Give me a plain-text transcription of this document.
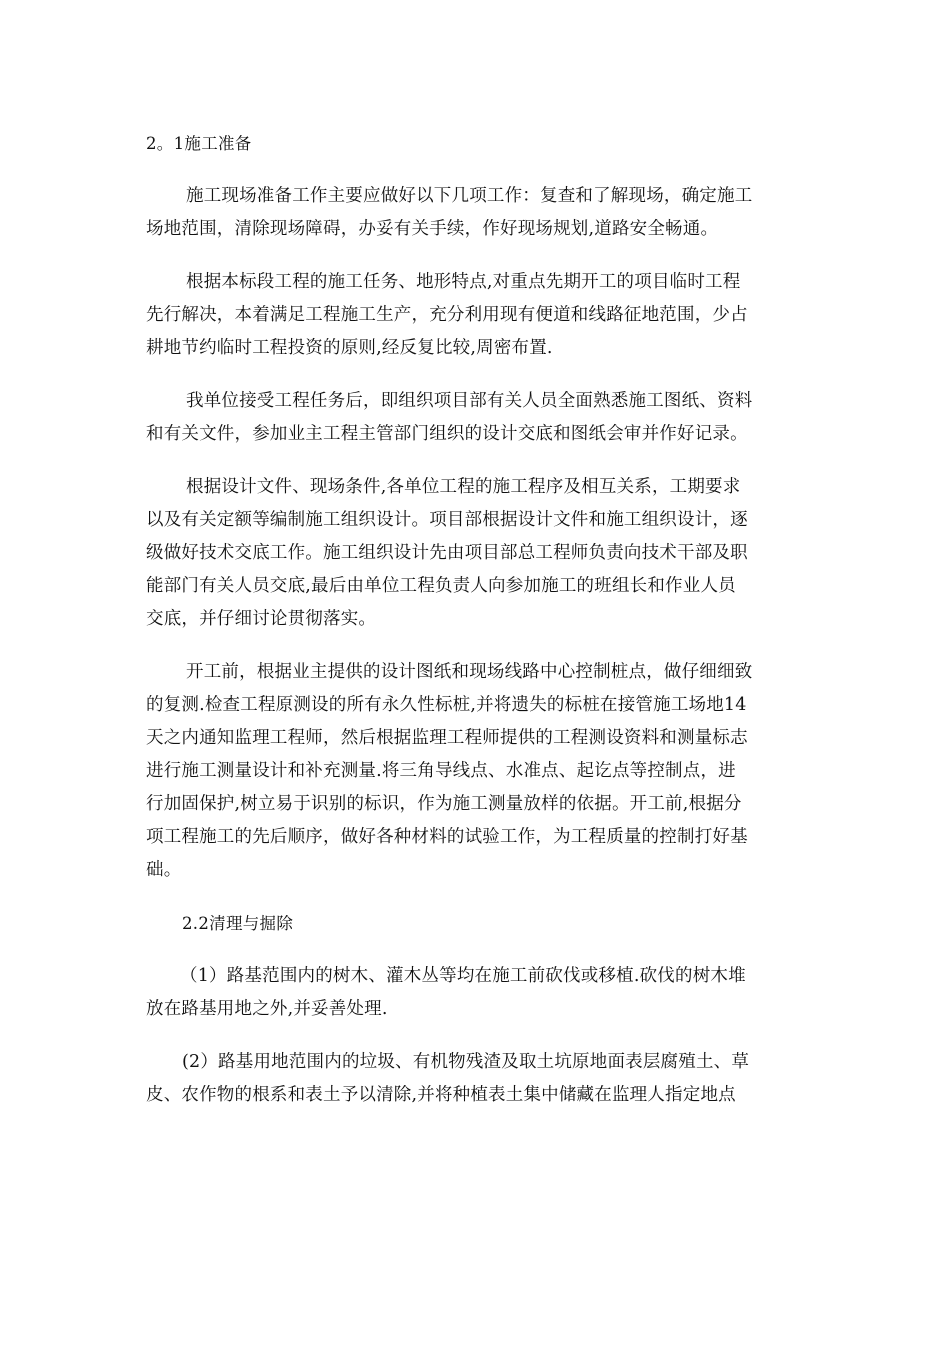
2。1施工准备
施工现场准备工作主要应做好以下几项工作：复查和了解现场，确定施工
场地范围，清除现场障碍，办妥有关手续，作好现场规划,道路安全畅通。
根据本标段工程的施工任务、地形特点,对重点先期开工的项目临时工程
先行解决，本着满足工程施工生产，充分利用现有便道和线路征地范围，少占
耕地节约临时工程投资的原则,经反复比较,周密布置.
我单位接受工程任务后，即组织项目部有关人员全面熟悉施工图纸、资料
和有关文件，参加业主工程主管部门组织的设计交底和图纸会审并作好记录。
根据设计文件、现场条件,各单位工程的施工程序及相互关系，工期要求
以及有关定额等编制施工组织设计。项目部根据设计文件和施工组织设计，逐
级做好技术交底工作。施工组织设计先由项目部总工程师负责向技术干部及职
能部门有关人员交底,最后由单位工程负责人向参加施工的班组长和作业人员
交底，并仔细讨论贯彻落实。
开工前，根据业主提供的设计图纸和现场线路中心控制桩点，做仔细细致
的复测.检查工程原测设的所有永久性标桩,并将遗失的标桩在接管施工场地14
天之内通知监理工程师，然后根据监理工程师提供的工程测设资料和测量标志
进行施工测量设计和补充测量.将三角导线点、水准点、起讫点等控制点，进
行加固保护,树立易于识别的标识，作为施工测量放样的依据。开工前,根据分
项工程施工的先后顺序，做好各种材料的试验工作，为工程质量的控制打好基
础。
2.2清理与掘除
（1）路基范围内的树木、灌木丛等均在施工前砍伐或移植.砍伐的树木堆
放在路基用地之外,并妥善处理.
(2）路基用地范围内的垃圾、有机物残渣及取土坑原地面表层腐殖土、草
皮、农作物的根系和表土予以清除,并将种植表土集中储藏在监理人指定地点
